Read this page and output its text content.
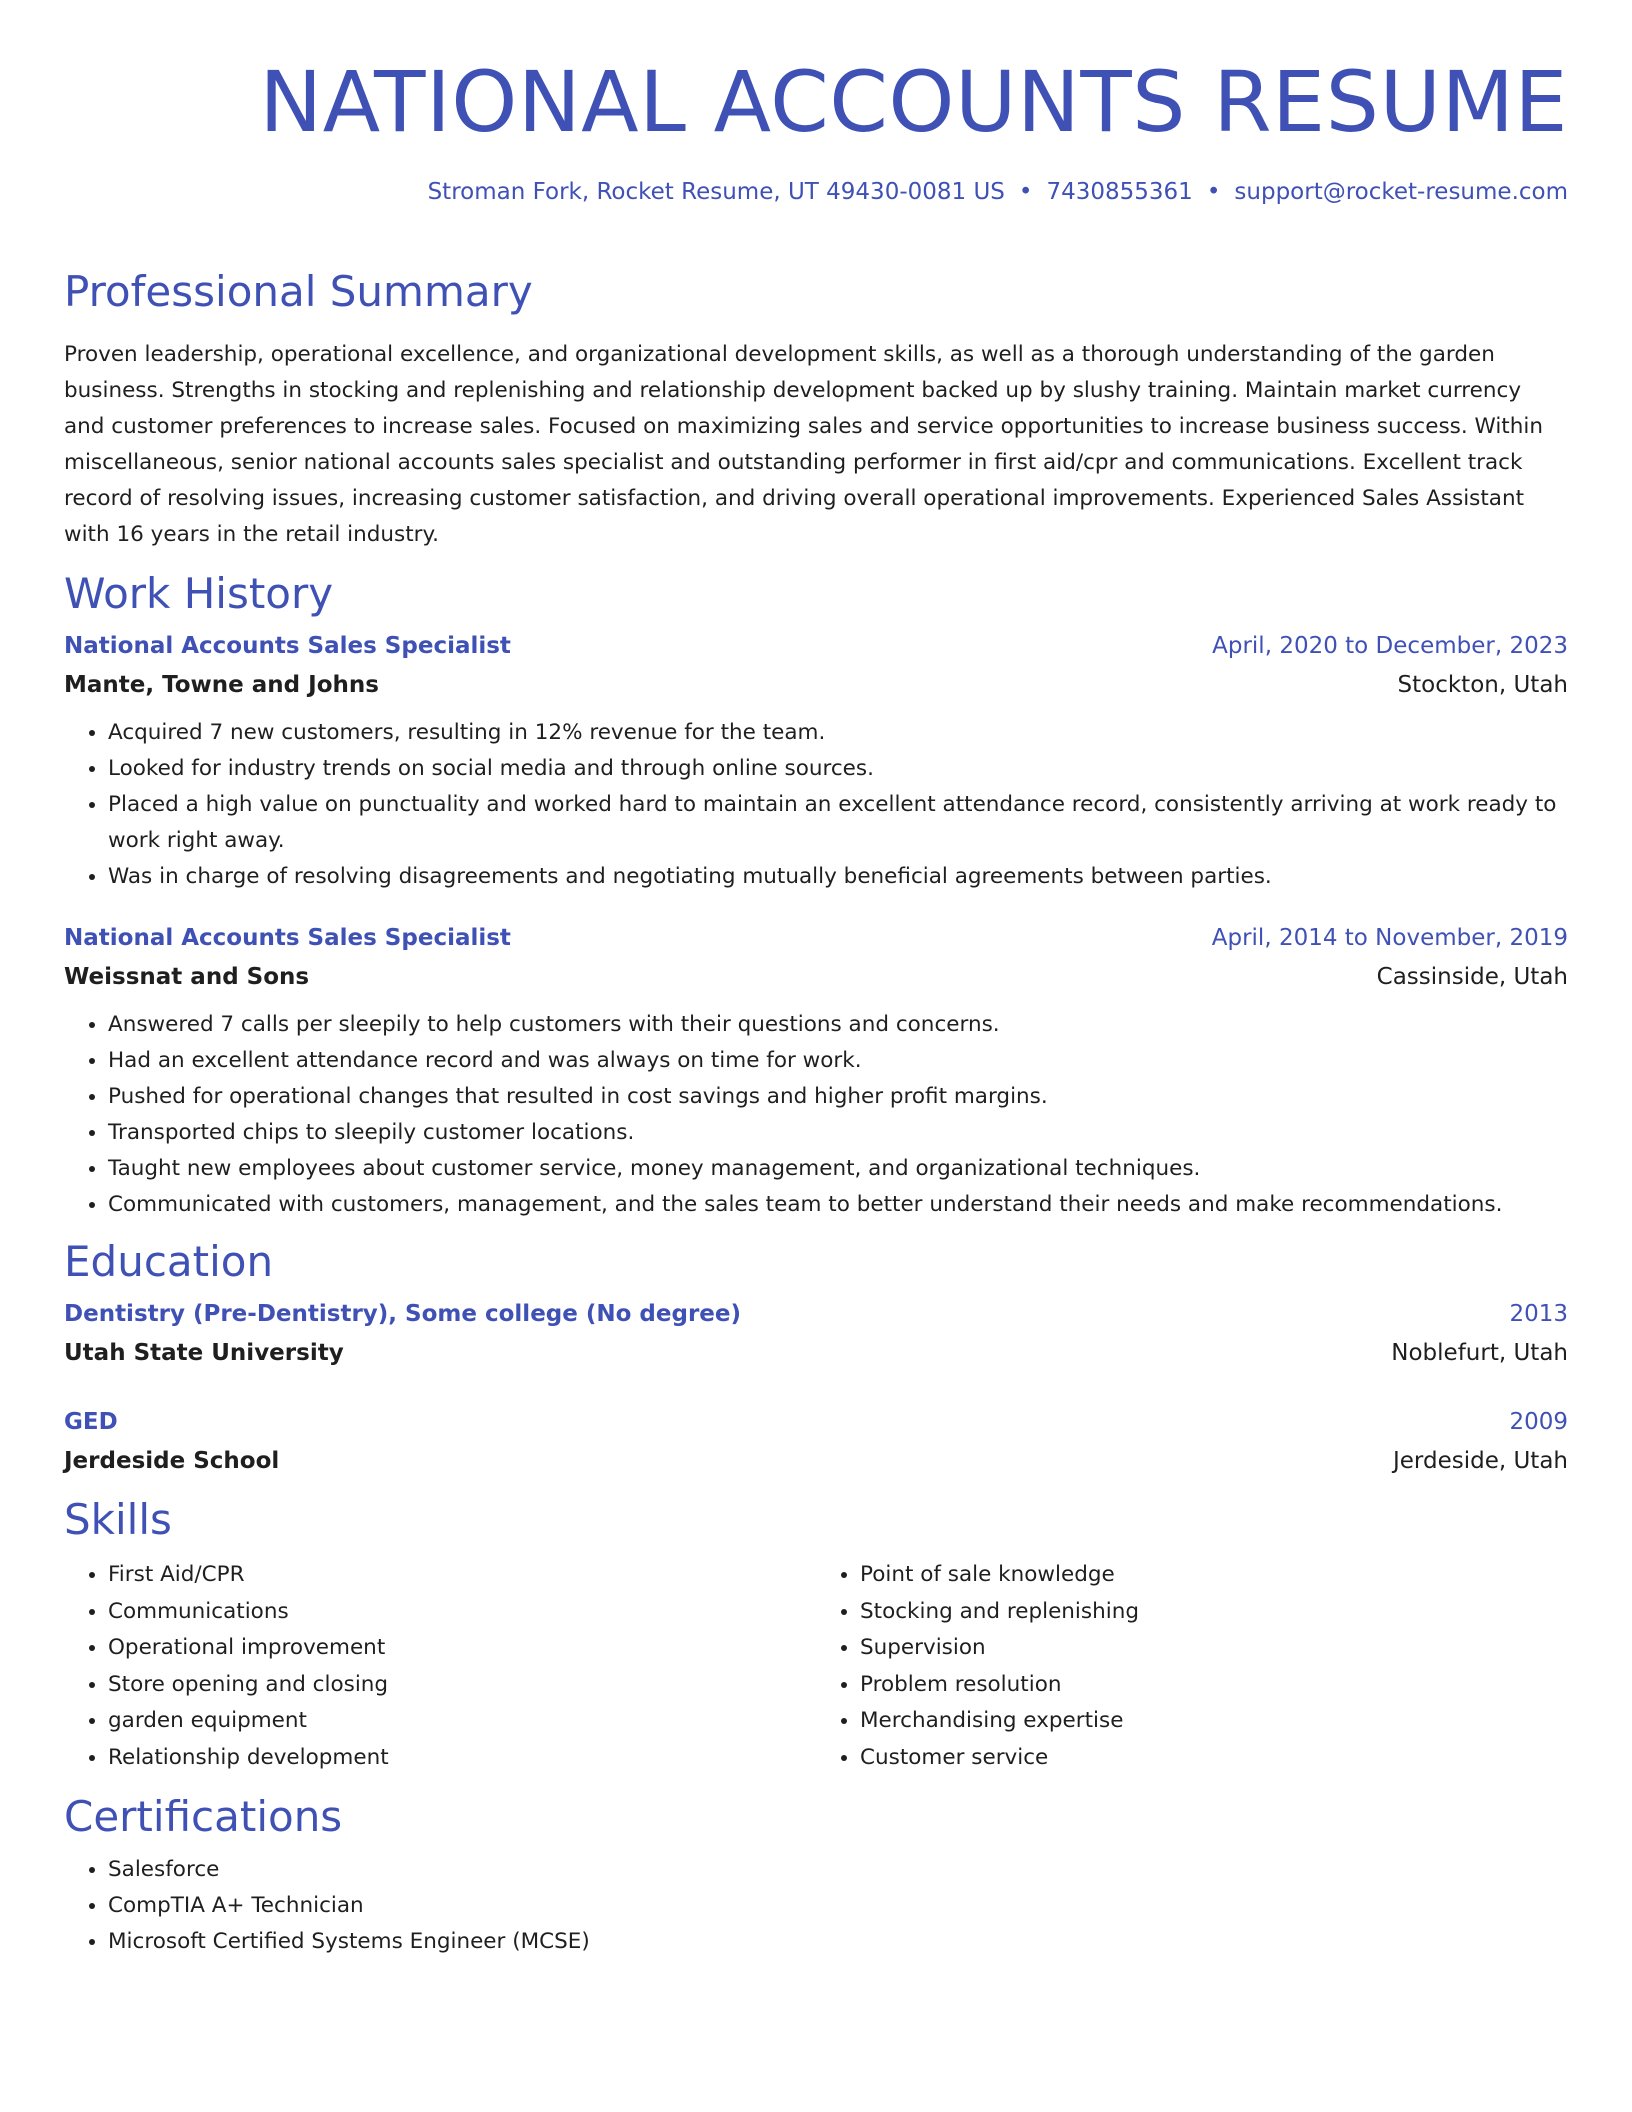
NATIONAL ACCOUNTS RESUME
Stroman Fork, Rocket Resume, UT 49430-0081 US • 7430855361 • support@rocket-resume.com
Professional Summary
Proven leadership, operational excellence, and organizational development skills, as well as a thorough understanding of the garden business. Strengths in stocking and replenishing and relationship development backed up by slushy training. Maintain market currency and customer preferences to increase sales. Focused on maximizing sales and service opportunities to increase business success. Within miscellaneous, senior national accounts sales specialist and outstanding performer in first aid/cpr and communications. Excellent track record of resolving issues, increasing customer satisfaction, and driving overall operational improvements. Experienced Sales Assistant with 16 years in the retail industry.
Work History
National Accounts Sales Specialist	April, 2020 to December, 2023
Mante, Towne and Johns	Stockton, Utah
• Acquired 7 new customers, resulting in 12% revenue for the team.
• Looked for industry trends on social media and through online sources.
• Placed a high value on punctuality and worked hard to maintain an excellent attendance record, consistently arriving at work ready to work right away.
• Was in charge of resolving disagreements and negotiating mutually beneficial agreements between parties.
National Accounts Sales Specialist	April, 2014 to November, 2019
Weissnat and Sons	Cassinside, Utah
• Answered 7 calls per sleepily to help customers with their questions and concerns.
• Had an excellent attendance record and was always on time for work.
• Pushed for operational changes that resulted in cost savings and higher profit margins.
• Transported chips to sleepily customer locations.
• Taught new employees about customer service, money management, and organizational techniques.
• Communicated with customers, management, and the sales team to better understand their needs and make recommendations.
Education
Dentistry (Pre-Dentistry), Some college (No degree)	2013
Utah State University	Noblefurt, Utah
GED	2009
Jerdeside School	Jerdeside, Utah
Skills
• First Aid/CPR
• Communications
• Operational improvement
• Store opening and closing
• garden equipment
• Relationship development
• Point of sale knowledge
• Stocking and replenishing
• Supervision
• Problem resolution
• Merchandising expertise
• Customer service
Certifications
• Salesforce
• CompTIA A+ Technician
• Microsoft Certified Systems Engineer (MCSE)
